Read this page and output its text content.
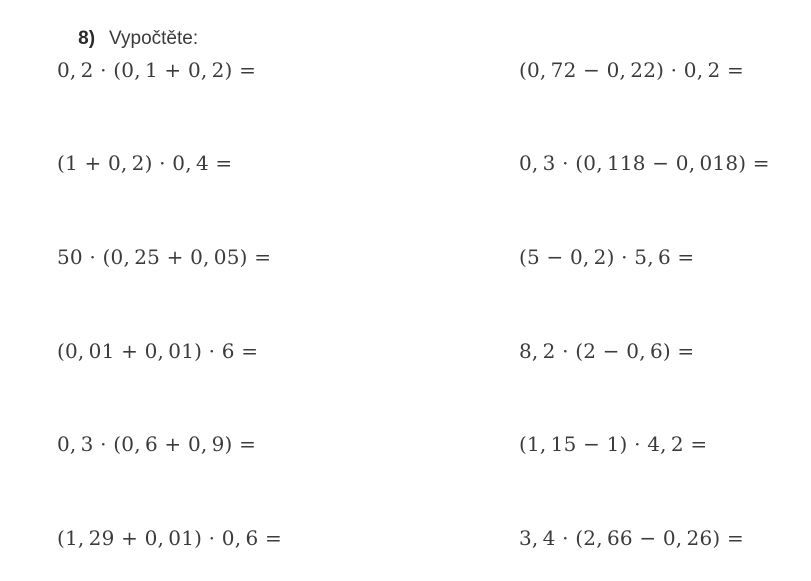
8) Vypočtěte:

0, 2 · (0, 1 + 0, 2) =
(1 + 0, 2) · 0, 4 =
50 · (0, 25 + 0, 05) =
(0, 01 + 0, 01) · 6 =
0, 3 · (0, 6 + 0, 9) =
(1, 29 + 0, 01) · 0, 6 =
(0, 72 − 0, 22) · 0, 2 =
0, 3 · (0, 118 − 0, 018) =
(5 − 0, 2) · 5, 6 =
8, 2 · (2 − 0, 6) =
(1, 15 − 1) · 4, 2 =
3, 4 · (2, 66 − 0, 26) =
